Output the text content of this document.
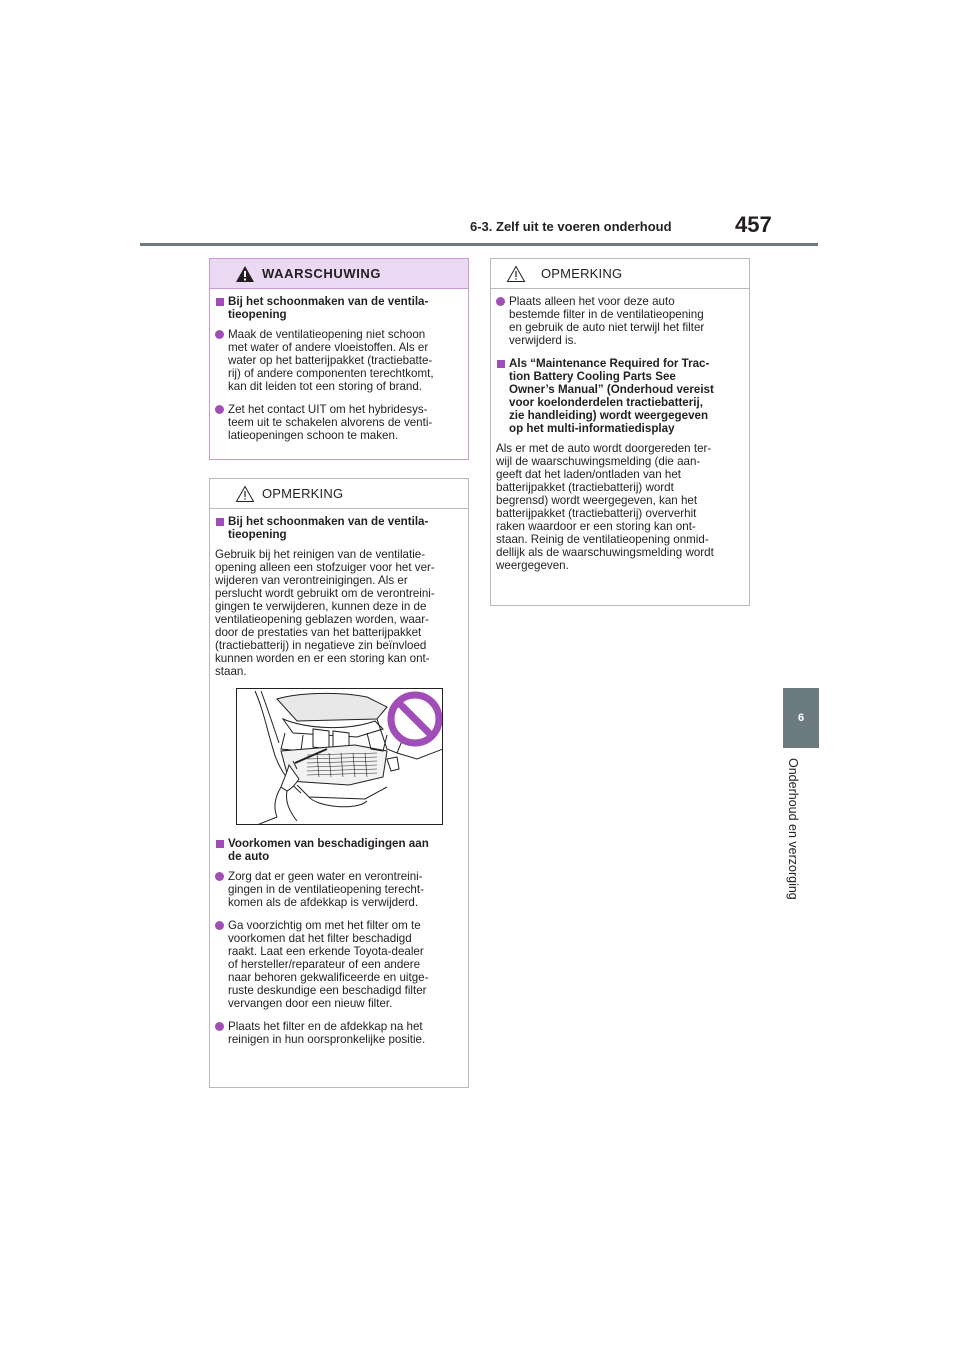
6-3. Zelf uit te voeren onderhoud	457
6
Onderhoud en verzorging
WAARSCHUWING
Bij het schoonmaken van de ventila-
tieopening
Maak de ventilatieopening niet schoon
met water of andere vloeistoffen. Als er
water op het batterijpakket (tractiebatte-
rij) of andere componenten terechtkomt,
kan dit leiden tot een storing of brand.
Zet het contact UIT om het hybridesys-
teem uit te schakelen alvorens de venti-
latieopeningen schoon te maken.
OPMERKING
Bij het schoonmaken van de ventila-
tieopening
Gebruik bij het reinigen van de ventilatie-
opening alleen een stofzuiger voor het ver-
wijderen van verontreinigingen. Als er
perslucht wordt gebruikt om de verontreini-
gingen te verwijderen, kunnen deze in de
ventilatieopening geblazen worden, waar-
door de prestaties van het batterijpakket
(tractiebatterij) in negatieve zin beïnvloed
kunnen worden en er een storing kan ont-
staan.
Voorkomen van beschadigingen aan
de auto
Zorg dat er geen water en verontreini-
gingen in de ventilatieopening terecht-
komen als de afdekkap is verwijderd.
Ga voorzichtig om met het filter om te
voorkomen dat het filter beschadigd
raakt. Laat een erkende Toyota-dealer
of hersteller/reparateur of een andere
naar behoren gekwalificeerde en uitge-
ruste deskundige een beschadigd filter
vervangen door een nieuw filter.
Plaats het filter en de afdekkap na het
reinigen in hun oorspronkelijke positie.
OPMERKING
Plaats alleen het voor deze auto
bestemde filter in de ventilatieopening
en gebruik de auto niet terwijl het filter
verwijderd is.
Als “Maintenance Required for Trac-
tion Battery Cooling Parts See
Owner’s Manual” (Onderhoud vereist
voor koelonderdelen tractiebatterij,
zie handleiding) wordt weergegeven
op het multi-informatiedisplay
Als er met de auto wordt doorgereden ter-
wijl de waarschuwingsmelding (die aan-
geeft dat het laden/ontladen van het
batterijpakket (tractiebatterij) wordt
begrensd) wordt weergegeven, kan het
batterijpakket (tractiebatterij) oververhit
raken waardoor er een storing kan ont-
staan. Reinig de ventilatieopening onmid-
dellijk als de waarschuwingsmelding wordt
weergegeven.
